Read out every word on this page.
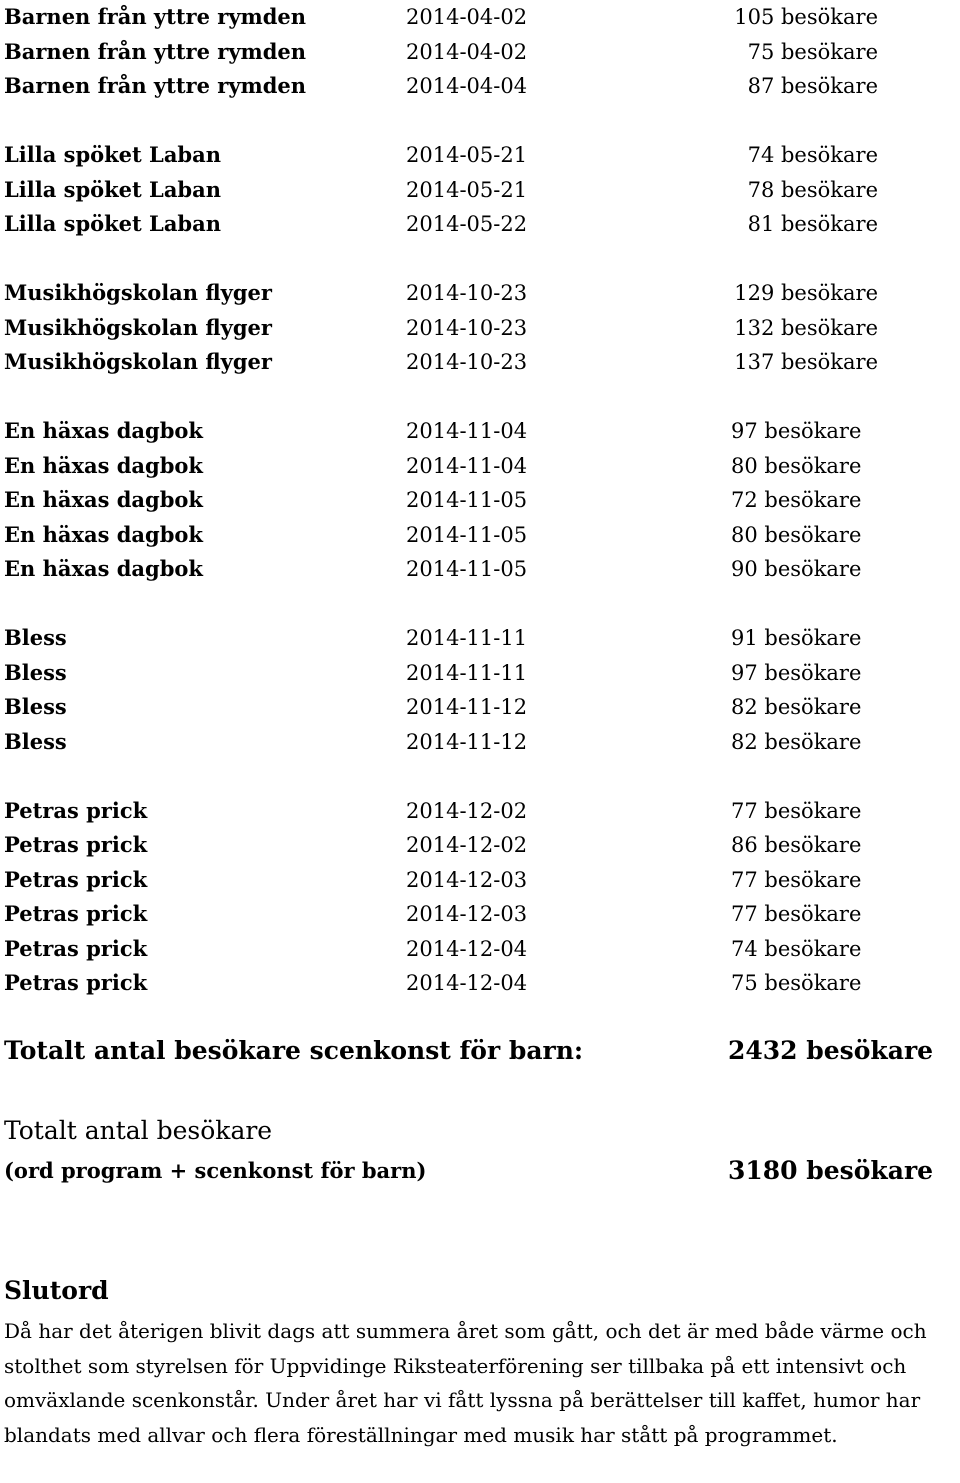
Barnen från yttre rymden	2014-04-02	105 besökare
Barnen från yttre rymden	2014-04-02	75 besökare
Barnen från yttre rymden	2014-04-04	87 besökare
Lilla spöket Laban	2014-05-21	74 besökare
Lilla spöket Laban	2014-05-21	78 besökare
Lilla spöket Laban	2014-05-22	81 besökare
Musikhögskolan flyger	2014-10-23	129 besökare
Musikhögskolan flyger	2014-10-23	132 besökare
Musikhögskolan flyger	2014-10-23	137 besökare
En häxas dagbok	2014-11-04	97 besökare
En häxas dagbok	2014-11-04	80 besökare
En häxas dagbok	2014-11-05	72 besökare
En häxas dagbok	2014-11-05	80 besökare
En häxas dagbok	2014-11-05	90 besökare
Bless	2014-11-11	91 besökare
Bless	2014-11-11	97 besökare
Bless	2014-11-12	82 besökare
Bless	2014-11-12	82 besökare
Petras prick	2014-12-02	77 besökare
Petras prick	2014-12-02	86 besökare
Petras prick	2014-12-03	77 besökare
Petras prick	2014-12-03	77 besökare
Petras prick	2014-12-04	74 besökare
Petras prick	2014-12-04	75 besökare
Totalt antal besökare scenkonst för barn:	2432 besökare
Totalt antal besökare
(ord program + scenkonst för barn)	3180 besökare
Slutord

Då har det återigen blivit dags att summera året som gått, och det är med både värme och stolthet som styrelsen för Uppvidinge Riksteaterförening ser tillbaka på ett intensivt och omväxlande scenkonstår. Under året har vi fått lyssna på berättelser till kaffet, humor har blandats med allvar och flera föreställningar med musik har stått på programmet.
